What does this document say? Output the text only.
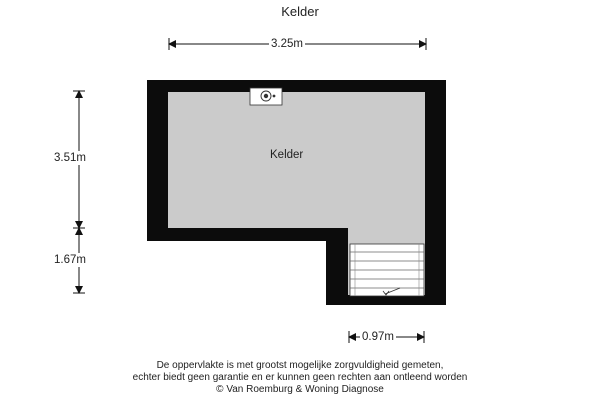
Kelder
3.25m
3.51m
1.67m
0.97m
Kelder
De oppervlakte is met grootst mogelijke zorgvuldigheid gemeten,
echter biedt geen garantie en er kunnen geen rechten aan ontleend worden
© Van Roemburg & Woning Diagnose
